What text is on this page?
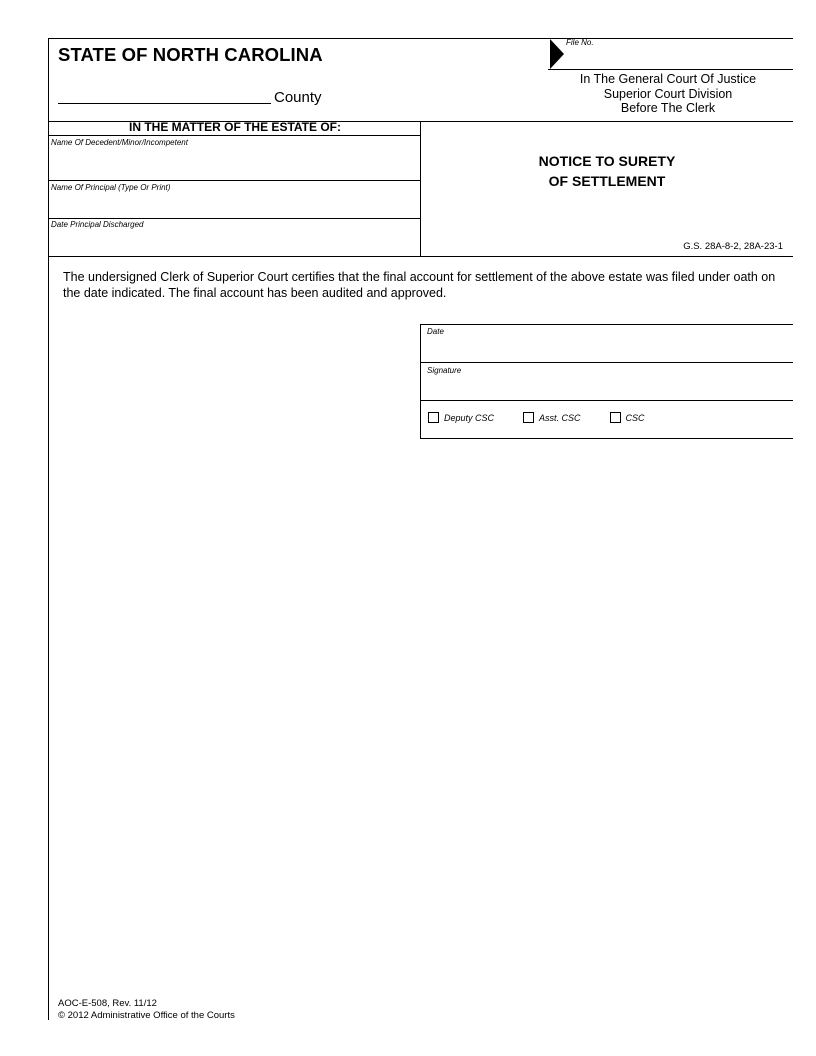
STATE OF NORTH CAROLINA
County
File No.
In The General Court Of Justice
Superior Court Division
Before The Clerk
IN THE MATTER OF THE ESTATE OF:
Name Of Decedent/Minor/Incompetent
Name Of Principal (Type Or Print)
Date Principal Discharged
NOTICE TO SURETY
OF SETTLEMENT
G.S. 28A-8-2, 28A-23-1
The undersigned Clerk of Superior Court certifies that the final account for settlement of the above estate was filed under oath on the date indicated. The final account has been audited and approved.
Date
Signature
Deputy CSC	Asst. CSC	CSC
AOC-E-508, Rev. 11/12
© 2012 Administrative Office of the Courts
